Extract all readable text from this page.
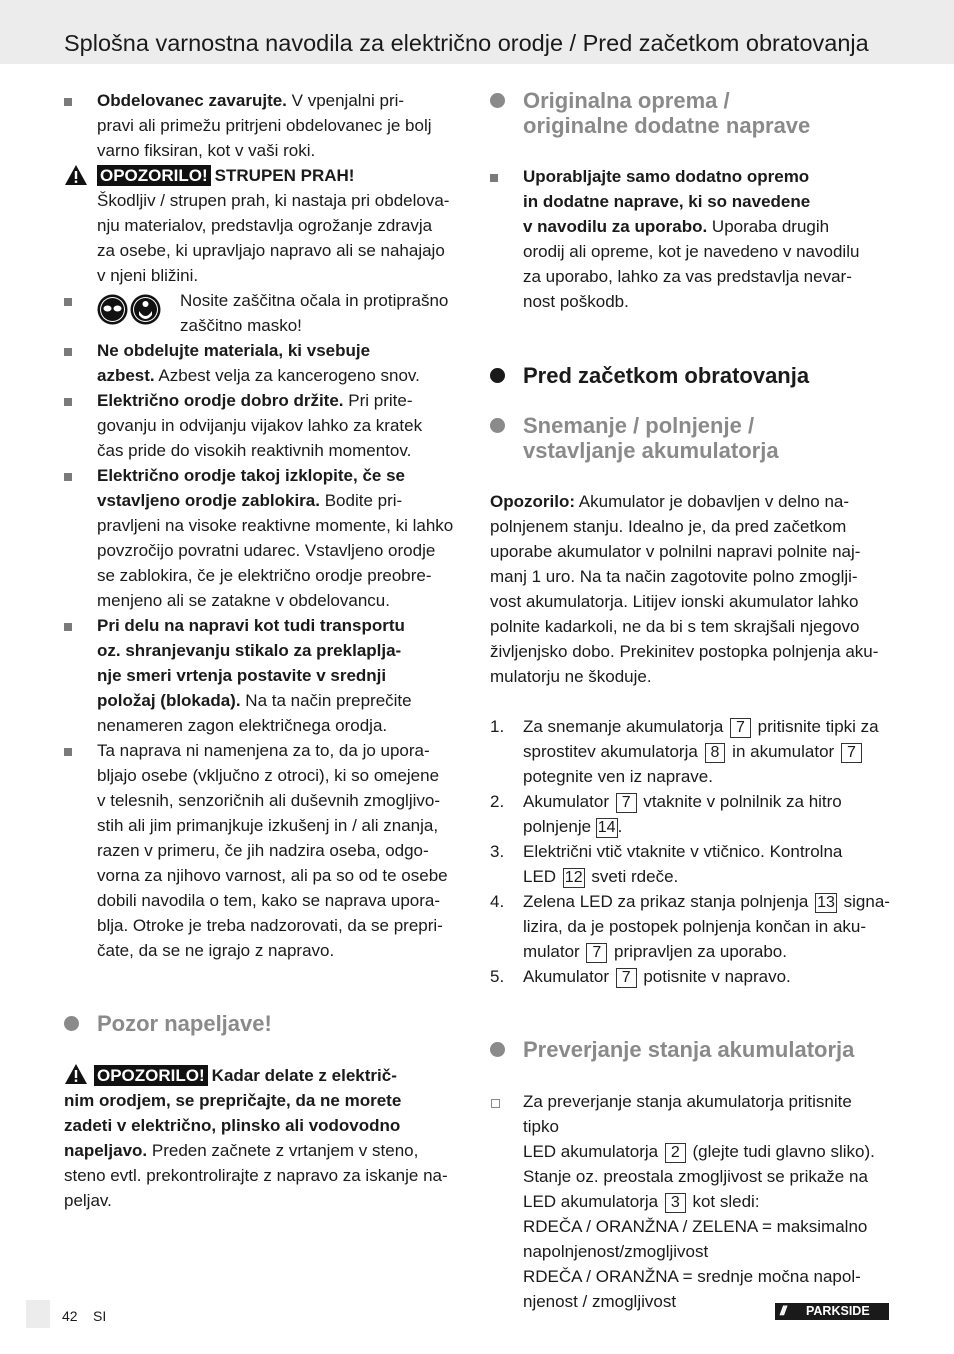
Splošna varnostna navodila za električno orodje / Pred začetkom obratovanja
Obdelovanec zavarujte. V vpenjalni pri-
pravi ali primežu pritrjeni obdelovanec je bolj
varno fiksiran, kot v vaši roki.
OPOZORILO! STRUPEN PRAH!
Škodljiv / strupen prah, ki nastaja pri obdelova-
nju materialov, predstavlja ogrožanje zdravja
za osebe, ki upravljajo napravo ali se nahajajo
v njeni bližini.
Nosite zaščitna očala in protiprašno
zaščitno masko!
Ne obdelujte materiala, ki vsebuje
azbest. Azbest velja za kancerogeno snov.
Električno orodje dobro držite. Pri prite-
govanju in odvijanju vijakov lahko za kratek
čas pride do visokih reaktivnih momentov.
Električno orodje takoj izklopite, če se
vstavljeno orodje zablokira. Bodite pri-
pravljeni na visoke reaktivne momente, ki lahko
povzročijo povratni udarec. Vstavljeno orodje
se zablokira, če je električno orodje preobre-
menjeno ali se zatakne v obdelovancu.
Pri delu na napravi kot tudi transportu
oz. shranjevanju stikalo za preklaplja-
nje smeri vrtenja postavite v srednji
položaj (blokada). Na ta način preprečite
nenameren zagon električnega orodja.
Ta naprava ni namenjena za to, da jo upora-
bljajo osebe (vključno z otroci), ki so omejene
v telesnih, senzoričnih ali duševnih zmogljivo-
stih ali jim primanjkuje izkušenj in / ali znanja,
razen v primeru, če jih nadzira oseba, odgo-
vorna za njihovo varnost, ali pa so od te osebe
dobili navodila o tem, kako se naprava upora-
blja. Otroke je treba nadzorovati, da se prepri-
čate, da se ne igrajo z napravo.
Pozor napeljave!
OPOZORILO! Kadar delate z električ-
nim orodjem, se prepričajte, da ne morete
zadeti v električno, plinsko ali vodovodno
napeljavo. Preden začnete z vrtanjem v steno,
steno evtl. prekontrolirajte z napravo za iskanje na-
peljav.
Originalna oprema /
originalne dodatne naprave
Uporabljajte samo dodatno opremo
in dodatne naprave, ki so navedene
v navodilu za uporabo. Uporaba drugih
orodij ali opreme, kot je navedeno v navodilu
za uporabo, lahko za vas predstavlja nevar-
nost poškodb.
Pred začetkom obratovanja
Snemanje / polnjenje /
vstavljanje akumulatorja
Opozorilo: Akumulator je dobavljen v delno na-
polnjenem stanju. Idealno je, da pred začetkom
uporabe akumulator v polnilni napravi polnite naj-
manj 1 uro. Na ta način zagotovite polno zmoglji-
vost akumulatorja. Litijev ionski akumulator lahko
polnite kadarkoli, ne da bi s tem skrajšali njegovo
življenjsko dobo. Prekinitev postopka polnjenja aku-
mulatorju ne škoduje.
1. Za snemanje akumulatorja 7 pritisnite tipki za
sprostitev akumulatorja 8 in akumulator 7
potegnite ven iz naprave.
2. Akumulator 7 vtaknite v polnilnik za hitro
polnjenje 14 .
3. Električni vtič vtaknite v vtičnico. Kontrolna
LED 12 sveti rdeče.
4. Zelena LED za prikaz stanja polnjenja 13 signa-
lizira, da je postopek polnjenja končan in aku-
mulator 7 pripravljen za uporabo.
5. Akumulator 7 potisnite v napravo.
Preverjanje stanja akumulatorja
Za preverjanje stanja akumulatorja pritisnite tipko
LED akumulatorja 2 (glejte tudi glavno sliko).
Stanje oz. preostala zmogljivost se prikaže na
LED akumulatorja 3 kot sledi:
RDEČA / ORANŽNA / ZELENA = maksimalno
napolnjenost/zmogljivost
RDEČA / ORANŽNA = srednje močna napol-
njenost / zmogljivost
42 SI	/// PARKSIDE
